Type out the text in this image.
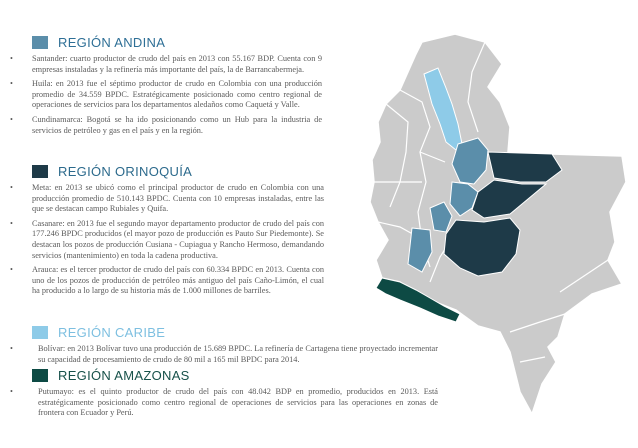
REGIÓN ANDINA
• Santander: cuarto productor de crudo del país en 2013 con 55.167 BDP. Cuenta con 9 empresas instaladas y la refinería más importante del país, la de Barrancabermeja.
• Huila: en 2013 fue el séptimo productor de crudo en Colombia con una producción promedio de 34.559 BPDC. Estratégicamente posicionado como centro regional de operaciones de servicios para los departamentos aledaños como Caquetá y Valle.
• Cundinamarca: Bogotá se ha ido posicionando como un Hub para la industria de servicios de petróleo y gas en el país y en la región.
REGIÓN ORINOQUÍA
• Meta: en 2013 se ubicó como el principal productor de crudo en Colombia con una producción promedio de 510.143 BPDC. Cuenta con 10 empresas instaladas, entre las que se destacan campo Rubiales y Quifa.
• Casanare: en 2013 fue el segundo mayor departamento productor de crudo del país con 177.246 BPDC producidos (el mayor pozo de producción es Pauto Sur Piedemonte). Se destacan los pozos de producción Cusiana - Cupiagua y Rancho Hermoso, demandando servicios (mantenimiento) en toda la cadena productiva.
• Arauca: es el tercer productor de crudo del país con 60.334 BPDC en 2013. Cuenta con uno de los pozos de producción de petróleo más antiguo del país Caño-Limón, el cual ha producido a lo largo de su historia más de 1.000 millones de barriles.
REGIÓN CARIBE
•	Bolívar: en 2013 Bolívar tuvo una producción de 15.689 BPDC. La refinería de Cartagena tiene proyectado incrementar su capacidad de procesamiento de crudo de 80 mil a 165 mil BPDC para 2014.
REGIÓN AMAZONAS
•	Putumayo: es el quinto productor de crudo del país con 48.042 BDP en promedio, producidos en 2013. Está estratégicamente posicionado como centro regional de operaciones de servicios para las operaciones en zonas de frontera con Ecuador y Perú.
